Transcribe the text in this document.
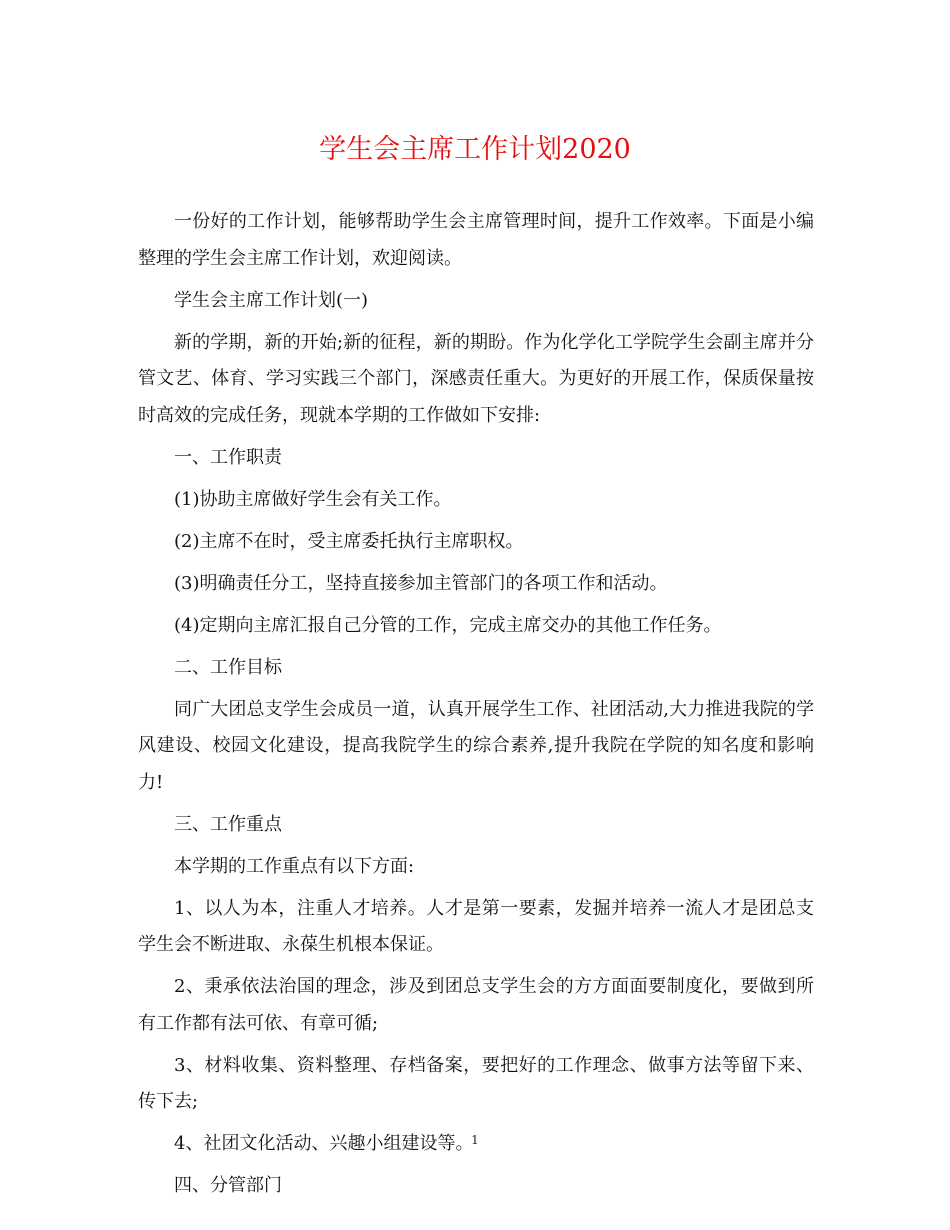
学生会主席工作计划2020

一份好的工作计划，能够帮助学生会主席管理时间，提升工作效率。下面是小编整理的学生会主席工作计划，欢迎阅读。

学生会主席工作计划(一)

新的学期，新的开始;新的征程，新的期盼。作为化学化工学院学生会副主席并分管文艺、体育、学习实践三个部门，深感责任重大。为更好的开展工作，保质保量按时高效的完成任务，现就本学期的工作做如下安排:

一、工作职责

(1)协助主席做好学生会有关工作。

(2)主席不在时，受主席委托执行主席职权。

(3)明确责任分工，坚持直接参加主管部门的各项工作和活动。

(4)定期向主席汇报自己分管的工作，完成主席交办的其他工作任务。

二、工作目标

同广大团总支学生会成员一道，认真开展学生工作、社团活动,大力推进我院的学风建设、校园文化建设，提高我院学生的综合素养,提升我院在学院的知名度和影响力!

三、工作重点

本学期的工作重点有以下方面:

1、以人为本，注重人才培养。人才是第一要素，发掘并培养一流人才是团总支学生会不断进取、永葆生机根本保证。

2、秉承依法治国的理念，涉及到团总支学生会的方方面面要制度化，要做到所有工作都有法可依、有章可循;

3、材料收集、资料整理、存档备案，要把好的工作理念、做事方法等留下来、传下去;

4、社团文化活动、兴趣小组建设等。

四、分管部门

1
